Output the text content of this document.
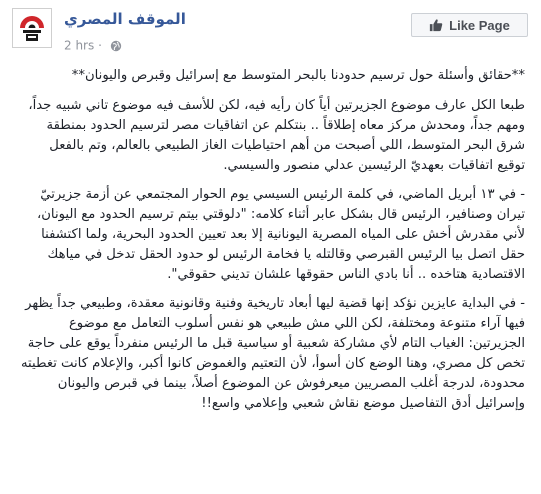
الموقف المصري
2 hrs ·
Like Page

**حقائق وأسئلة حول ترسيم حدودنا بالبحر المتوسط مع إسرائيل وقبرص واليونان**

طبعا الكل عارف موضوع الجزيرتين أياً كان رأيه فيه، لكن للأسف فيه موضوع تاني شبيه جداً، ومهم جداً، ومحدش مركز معاه إطلاقاً .. بنتكلم عن اتفاقيات مصر لترسيم الحدود بمنطقة شرق البحر المتوسط، اللي أصبحت من أهم احتياطيات الغاز الطبيعي بالعالم، وتم بالفعل توقيع اتفاقيات بعهديّ الرئيسين عدلي منصور والسيسي.

- في ١٣ أبريل الماضي، في كلمة الرئيس السيسي يوم الحوار المجتمعي عن أزمة جزيرتيّ تيران وصنافير، الرئيس قال بشكل عابر أثناء كلامه: "دلوقتي بيتم ترسيم الحدود مع اليونان، لأني مقدرش أخش على المياه المصرية اليونانية إلا بعد تعيين الحدود البحرية، ولما اكتشفنا حقل اتصل بيا الرئيس القبرصي وقالتله يا فخامة الرئيس لو حدود الحقل تدخل في مياهك الاقتصادية هتاخده .. أنا بادي الناس حقوقها علشان تديني حقوقي".

- في البداية عايزين نؤكد إنها قضية ليها أبعاد تاريخية وفنية وقانونية معقدة، وطبيعي جداً يظهر فيها آراء متنوعة ومختلفة، لكن اللي مش طبيعي هو نفس أسلوب التعامل مع موضوع الجزيرتين: الغياب التام لأي مشاركة شعبية أو سياسية قبل ما الرئيس منفرداً يوقع على حاجة تخص كل مصري، وهنا الوضع كان أسوأ، لأن التعتيم والغموض كانوا أكبر، والإعلام كانت تغطيته محدودة، لدرجة أغلب المصريين ميعرفوش عن الموضوع أصلاً، بينما في قبرص واليونان وإسرائيل أدق التفاصيل موضع نقاش شعبي وإعلامي واسع!!
